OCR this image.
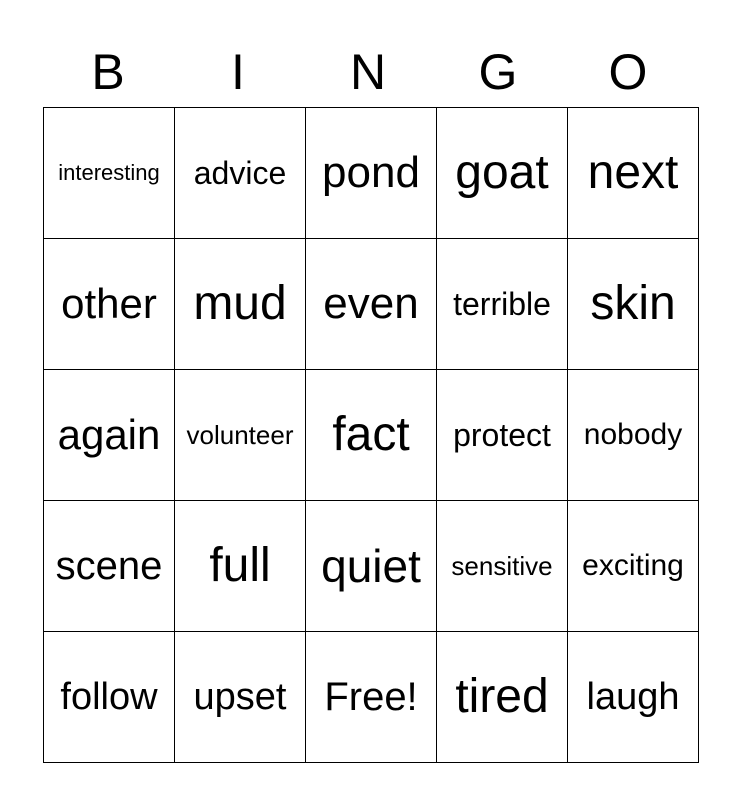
B	I	N	G	O
interesting	advice	pond	goat	next
other	mud	even	terrible	skin
again	volunteer	fact	protect	nobody
scene	full	quiet	sensitive	exciting
follow	upset	Free!	tired	laugh
